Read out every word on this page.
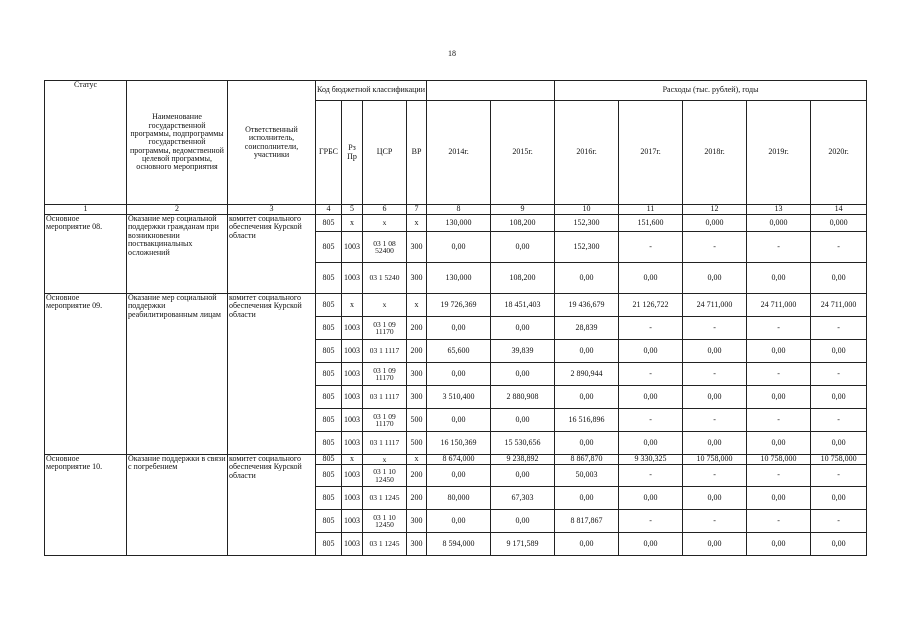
18
Статус	Наименование государственной программы, подпрограммы государственной программы, ведомственной целевой программы, основного мероприятия	Ответственный исполнитель, соисполнители, участники	Код бюджетной классификации						Расходы (тыс. рублей), годы				
			ГРБС	Рз Пр	ЦСР	ВР	2014г.	2015г.	2016г.	2017г.	2018г.	2019г.	2020г.

1	2	3	4	5	6	7	8	9	10	11	12	13	14
Основное мероприятие 08.	Оказание мер социальной поддержки гражданам при возникновении поствакцинальных осложнений	комитет социального обеспечения Курской области	805	x	x	x	130,000	108,200	152,300	151,600	0,000	0,000	0,000
			805	1003	03 1 08 52400	300	0,00	0,00	152,300	-	-	-	-
			805	1003	03 1 5240	300	130,000	108,200	0,00	0,00	0,00	0,00	0,00
Основное мероприятие 09.	Оказание мер социальной поддержки реабилитированным лицам	комитет социального обеспечения Курской области	805	x	x	x	19 726,369	18 451,403	19 436,679	21 126,722	24 711,000	24 711,000	24 711,000
			805	1003	03 1 09 11170	200	0,00	0,00	28,839	-	-	-	-
			805	1003	03 1 1117	200	65,600	39,839	0,00	0,00	0,00	0,00	0,00
			805	1003	03 1 09 11170	300	0,00	0,00	2 890,944	-	-	-	-
			805	1003	03 1 1117	300	3 510,400	2 880,908	0,00	0,00	0,00	0,00	0,00
			805	1003	03 1 09 11170	500	0,00	0,00	16 516,896	-	-	-	-
			805	1003	03 1 1117	500	16 150,369	15 530,656	0,00	0,00	0,00	0,00	0,00
Основное мероприятие 10.	Оказание поддержки в связи с погребением	комитет социального обеспечения Курской области	805	x	x	x	8 674,000	9 238,892	8 867,870	9 330,325	10 758,000	10 758,000	10 758,000
			805	1003	03 1 10 12450	200	0,00	0,00	50,003	-	-	-	-
			805	1003	03 1 1245	200	80,000	67,303	0,00	0,00	0,00	0,00	0,00
			805	1003	03 1 10 12450	300	0,00	0,00	8 817,867	-	-	-	-
			805	1003	03 1 1245	300	8 594,000	9 171,589	0,00	0,00	0,00	0,00	0,00
